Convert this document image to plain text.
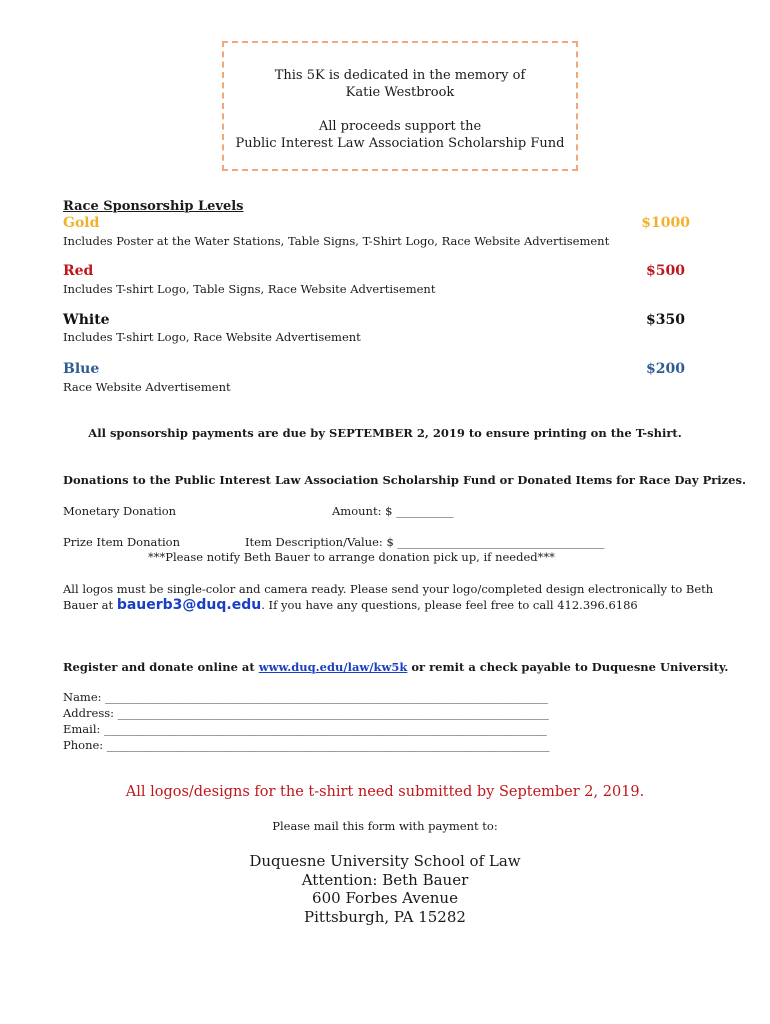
This 5K is dedicated in the memory of
Katie Westbrook
All proceeds support the
Public Interest Law Association Scholarship Fund
Race Sponsorship Levels
Gold	$1000
Includes Poster at the Water Stations, Table Signs, T-Shirt Logo, Race Website Advertisement
Red	$500
Includes T-shirt Logo, Table Signs, Race Website Advertisement
White	$350
Includes T-shirt Logo, Race Website Advertisement
Blue	$200
Race Website Advertisement
All sponsorship payments are due by SEPTEMBER 2, 2019 to ensure printing on the T-shirt.
Donations to the Public Interest Law Association Scholarship Fund or Donated Items for Race Day Prizes.
Monetary Donation	Amount: $ __________
Prize Item Donation	Item Description/Value: $ ____________________________________
***Please notify Beth Bauer to arrange donation pick up, if needed***
All logos must be single-color and camera ready. Please send your logo/completed design electronically to Beth
Bauer at bauerb3@duq.edu. If you have any questions, please feel free to call 412.396.6186
Register and donate online at www.duq.edu/law/kw5k or remit a check payable to Duquesne University.
Name: _____________________________________________________________________________
Address: ___________________________________________________________________________
Email: _____________________________________________________________________________
Phone: _____________________________________________________________________________
All logos/designs for the t-shirt need submitted by September 2, 2019.
Please mail this form with payment to:
Duquesne University School of Law
Attention: Beth Bauer
600 Forbes Avenue
Pittsburgh, PA 15282
